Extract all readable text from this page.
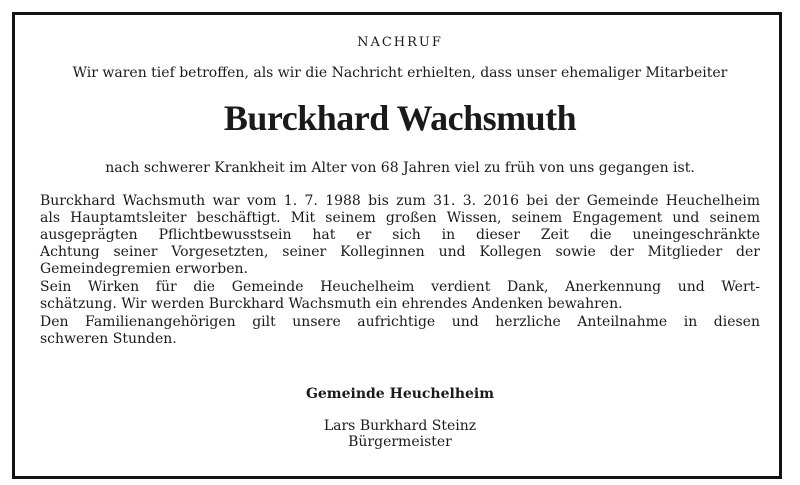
NACHRUF

Wir waren tief betroffen, als wir die Nachricht erhielten, dass unser ehemaliger Mitarbeiter

Burckhard Wachsmuth

nach schwerer Krankheit im Alter von 68 Jahren viel zu früh von uns gegangen ist.

Burckhard Wachsmuth war vom 1. 7. 1988 bis zum 31. 3. 2016 bei der Gemeinde Heuchelheim
als Hauptamtsleiter beschäftigt. Mit seinem großen Wissen, seinem Engagement und seinem
ausgeprägten Pflichtbewusstsein hat er sich in dieser Zeit die uneingeschränkte
Achtung seiner Vorgesetzten, seiner Kolleginnen und Kollegen sowie der Mitglieder der
Gemeindegremien erworben.
Sein Wirken für die Gemeinde Heuchelheim verdient Dank, Anerkennung und Wert-
schätzung. Wir werden Burckhard Wachsmuth ein ehrendes Andenken bewahren.
Den Familienangehörigen gilt unsere aufrichtige und herzliche Anteilnahme in diesen
schweren Stunden.

Gemeinde Heuchelheim

Lars Burkhard Steinz

Bürgermeister
